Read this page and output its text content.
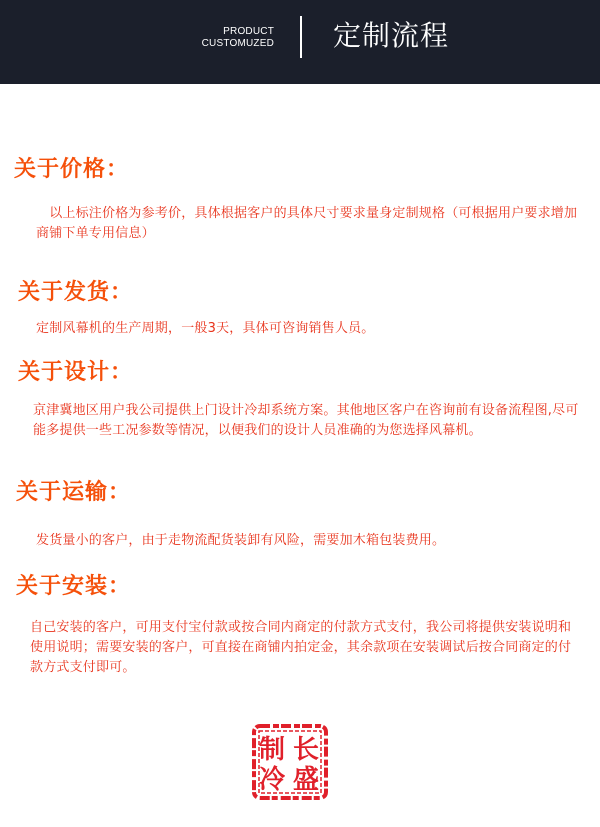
PRODUCT
CUSTOMUZED 定制流程
关于价格：
　以上标注价格为参考价，具体根据客户的具体尺寸要求量身定制规格（可根据用户要求增加商铺下单专用信息）
关于发货：
定制风幕机的生产周期，一般3天，具体可咨询销售人员。
关于设计：
京津冀地区用户我公司提供上门设计冷却系统方案。其他地区客户在咨询前有设备流程图,尽可能多提供一些工况参数等情况，以便我们的设计人员准确的为您选择风幕机。
关于运输：
发货量小的客户，由于走物流配货装卸有风险，需要加木箱包装费用。
关于安装：
自己安装的客户，可用支付宝付款或按合同内商定的付款方式支付，我公司将提供安装说明和使用说明；需要安装的客户，可直接在商铺内拍定金，其余款项在安装调试后按合同商定的付款方式支付即可。
制 长
冷 盛
